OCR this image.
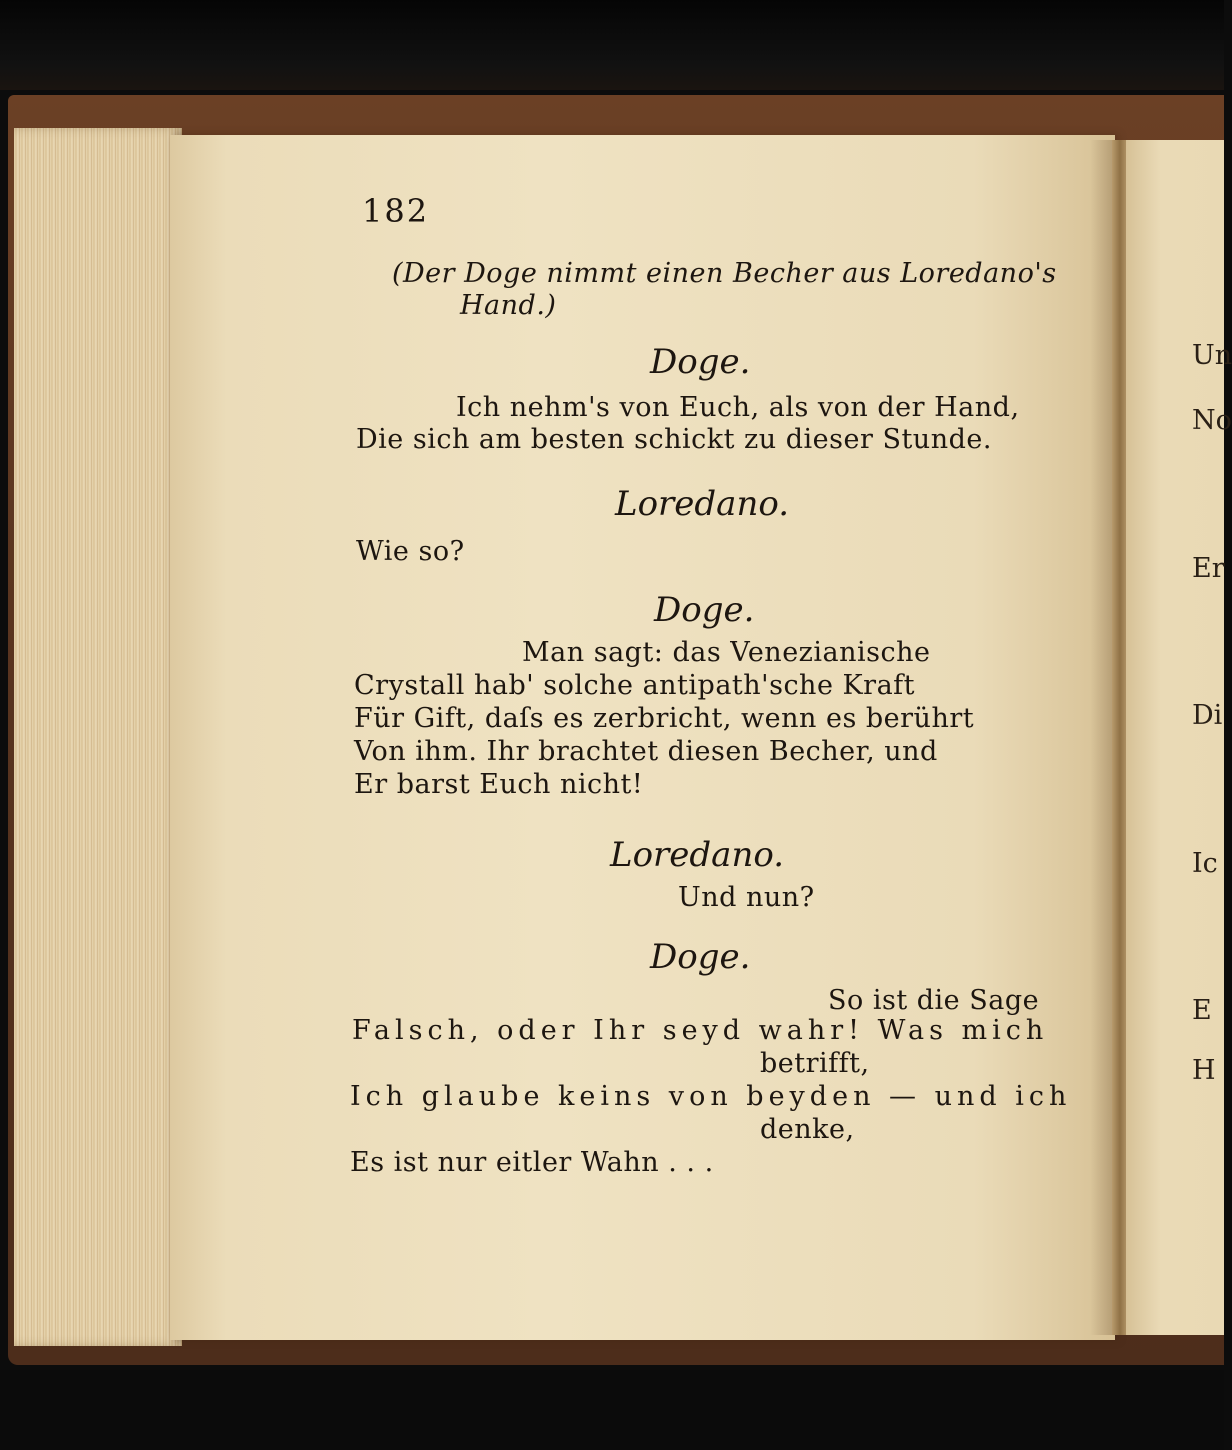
Un
No
Er
Di
Ic
E
H
182
(Der Doge nimmt einen Becher aus Loredano's
Hand.)
Doge.
Ich nehm's von Euch, als von der Hand,
Die sich am besten schickt zu dieser Stunde.
Loredano.
Wie so?
Doge.
Man sagt: das Venezianische
Crystall hab' solche antipath'sche Kraft
Für Gift, daſs es zerbricht, wenn es berührt
Von ihm. Ihr brachtet diesen Becher, und
Er barst Euch nicht!
Loredano.
Und nun?
Doge.
So ist die Sage
Falsch, oder Ihr seyd wahr! Was mich
betrifft,
Ich glaube keins von beyden — und ich
denke,
Es ist nur eitler Wahn . . .
